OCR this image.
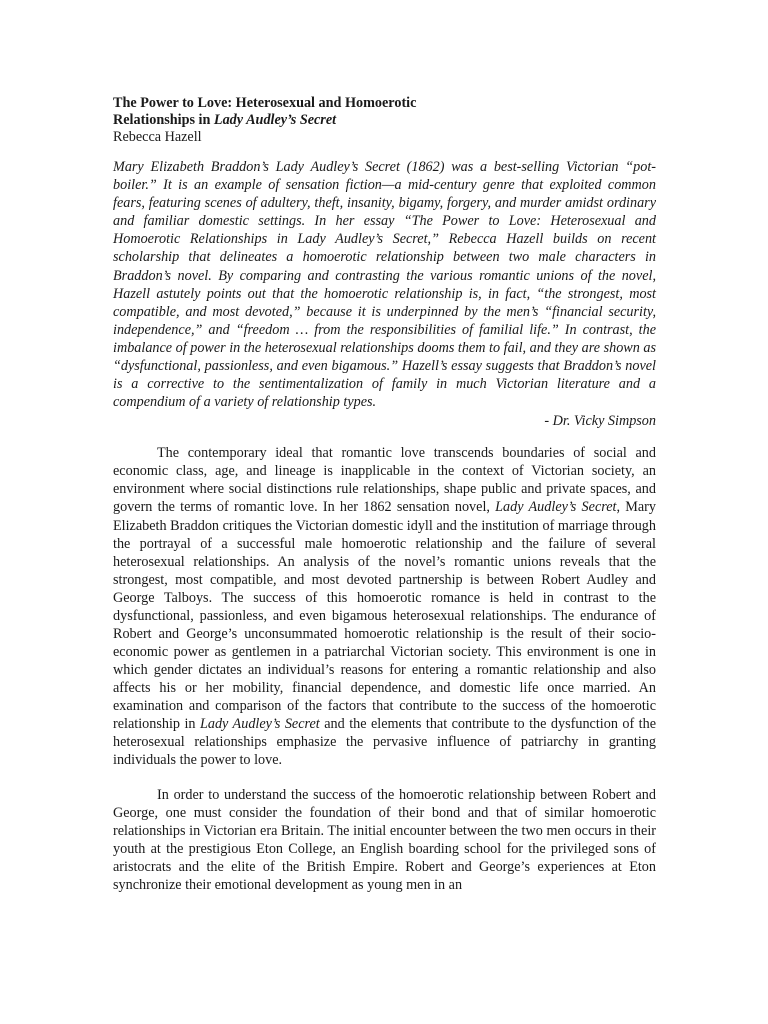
The Power to Love: Heterosexual and Homoerotic
Relationships in Lady Audley’s Secret

Rebecca Hazell

Mary Elizabeth Braddon’s Lady Audley’s Secret (1862) was a best-selling Victorian “pot-boiler.” It is an example of sensation fiction—a mid-century genre that exploited common fears, featuring scenes of adultery, theft, insanity, bigamy, forgery, and murder amidst ordinary and familiar domestic settings. In her essay “The Power to Love: Heterosexual and Homoerotic Relationships in Lady Audley’s Secret,” Rebecca Hazell builds on recent scholarship that delineates a homoerotic relationship between two male characters in Braddon’s novel. By comparing and contrasting the various romantic unions of the novel, Hazell astutely points out that the homoerotic relationship is, in fact, “the strongest, most compatible, and most devoted,” because it is underpinned by the men’s “financial security, independence,” and “freedom … from the responsibilities of familial life.” In contrast, the imbalance of power in the heterosexual relationships dooms them to fail, and they are shown as “dysfunctional, passionless, and even bigamous.” Hazell’s essay suggests that Braddon’s novel is a corrective to the sentimentalization of family in much Victorian literature and a compendium of a variety of relationship types.

- Dr. Vicky Simpson

The contemporary ideal that romantic love transcends boundaries of social and economic class, age, and lineage is inapplicable in the context of Victorian society, an environment where social distinctions rule relationships, shape public and private spaces, and govern the terms of romantic love. In her 1862 sensation novel, Lady Audley’s Secret, Mary Elizabeth Braddon critiques the Victorian domestic idyll and the institution of marriage through the portrayal of a successful male homoerotic relationship and the failure of several heterosexual relationships. An analysis of the novel’s romantic unions reveals that the strongest, most compatible, and most devoted partnership is between Robert Audley and George Talboys. The success of this homoerotic romance is held in contrast to the dysfunctional, passionless, and even bigamous heterosexual relationships. The endurance of Robert and George’s unconsummated homoerotic relationship is the result of their socio-economic power as gentlemen in a patriarchal Victorian society. This environment is one in which gender dictates an individual’s reasons for entering a romantic relationship and also affects his or her mobility, financial dependence, and domestic life once married. An examination and comparison of the factors that contribute to the success of the homoerotic relationship in Lady Audley’s Secret and the elements that contribute to the dysfunction of the heterosexual relationships emphasize the pervasive influence of patriarchy in granting individuals the power to love.

In order to understand the success of the homoerotic relationship between Robert and George, one must consider the foundation of their bond and that of similar homoerotic relationships in Victorian era Britain. The initial encounter between the two men occurs in their youth at the prestigious Eton College, an English boarding school for the privileged sons of aristocrats and the elite of the British Empire. Robert and George’s experiences at Eton synchronize their emotional development as young men in an
